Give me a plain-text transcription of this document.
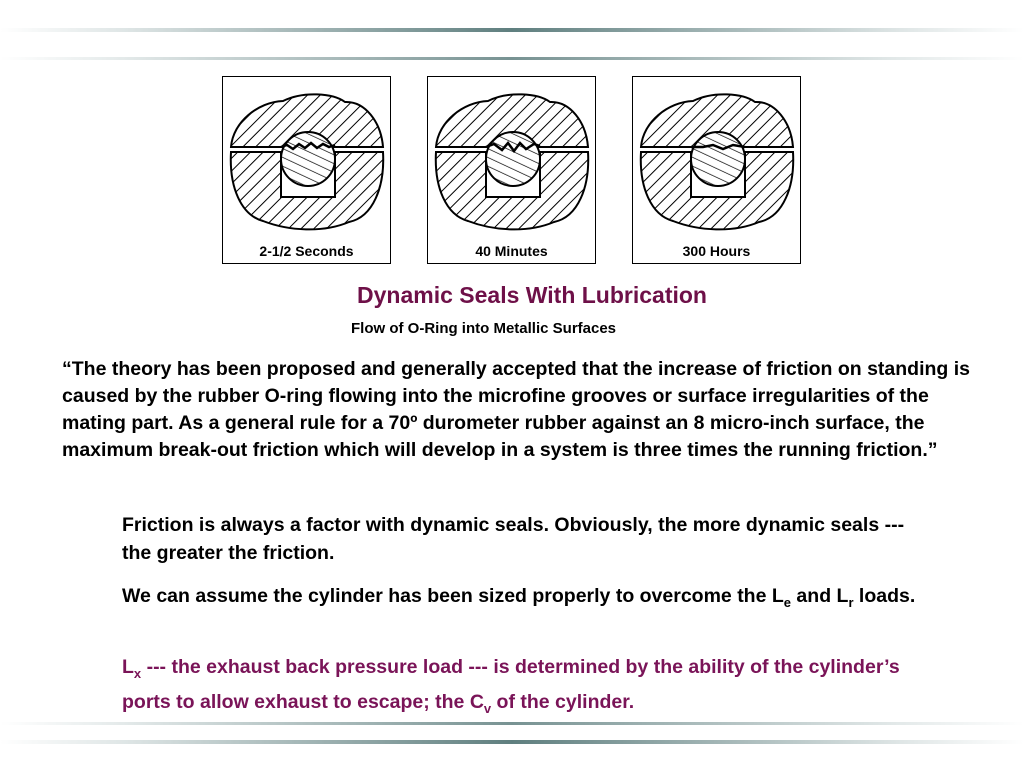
2-1/2 Seconds	40 Minutes	300 Hours
Dynamic Seals With Lubrication
Flow of O-Ring into Metallic Surfaces
“The theory has been proposed and generally accepted that the increase of friction on standing is caused by the rubber O-ring flowing into the microfine grooves or surface irregularities of the mating part. As a general rule for a 70º durometer rubber against an 8 micro-inch surface, the maximum break-out friction which will develop in a system is three times the running friction.”
Friction is always a factor with dynamic seals. Obviously, the more dynamic seals --- the greater the friction.
We can assume the cylinder has been sized properly to overcome the $L_e$ and $L_r$ loads.
$L_x$ --- the exhaust back pressure load --- is determined by the ability of the cylinder’s ports to allow exhaust to escape; the $C_v$ of the cylinder.
